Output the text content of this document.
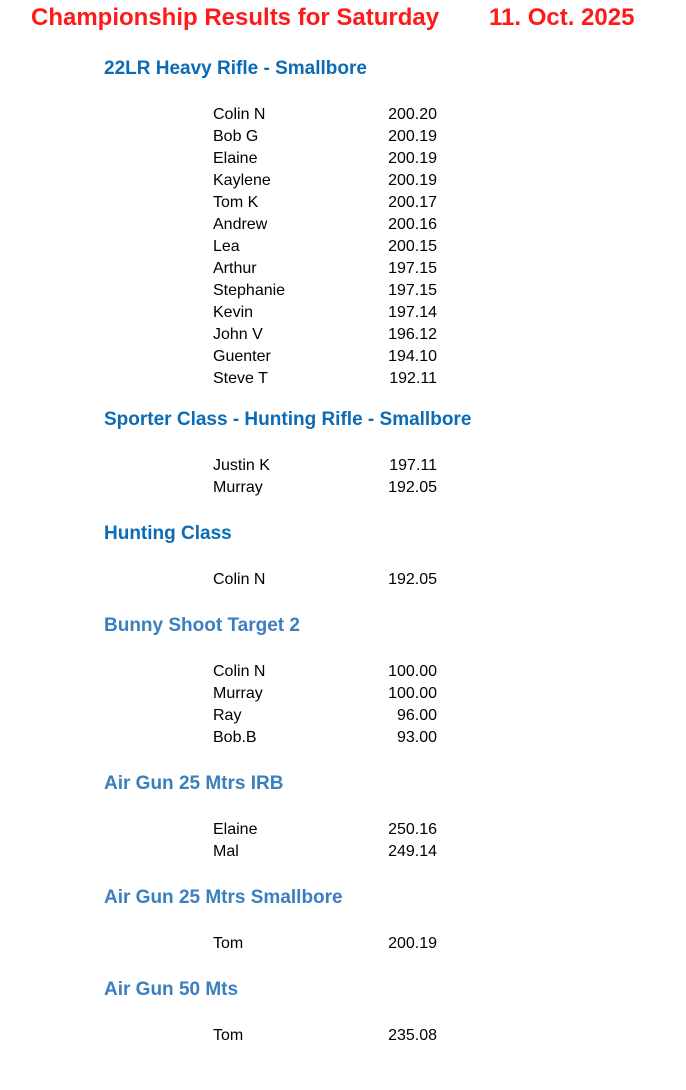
Championship Results for Saturday 11. Oct. 2025
22LR Heavy Rifle - Smallbore
Colin N	200.20
Bob G	200.19
Elaine	200.19
Kaylene	200.19
Tom K	200.17
Andrew	200.16
Lea	200.15
Arthur	197.15
Stephanie	197.15
Kevin	197.14
John V	196.12
Guenter	194.10
Steve T	192.11
Sporter Class - Hunting Rifle - Smallbore
Justin K	197.11
Murray	192.05
Hunting Class
Colin N	192.05
Bunny Shoot Target 2
Colin N	100.00
Murray	100.00
Ray	96.00
Bob.B	93.00
Air Gun 25 Mtrs IRB
Elaine	250.16
Mal	249.14
Air Gun 25 Mtrs Smallbore
Tom	200.19
Air Gun 50 Mts
Tom	235.08
